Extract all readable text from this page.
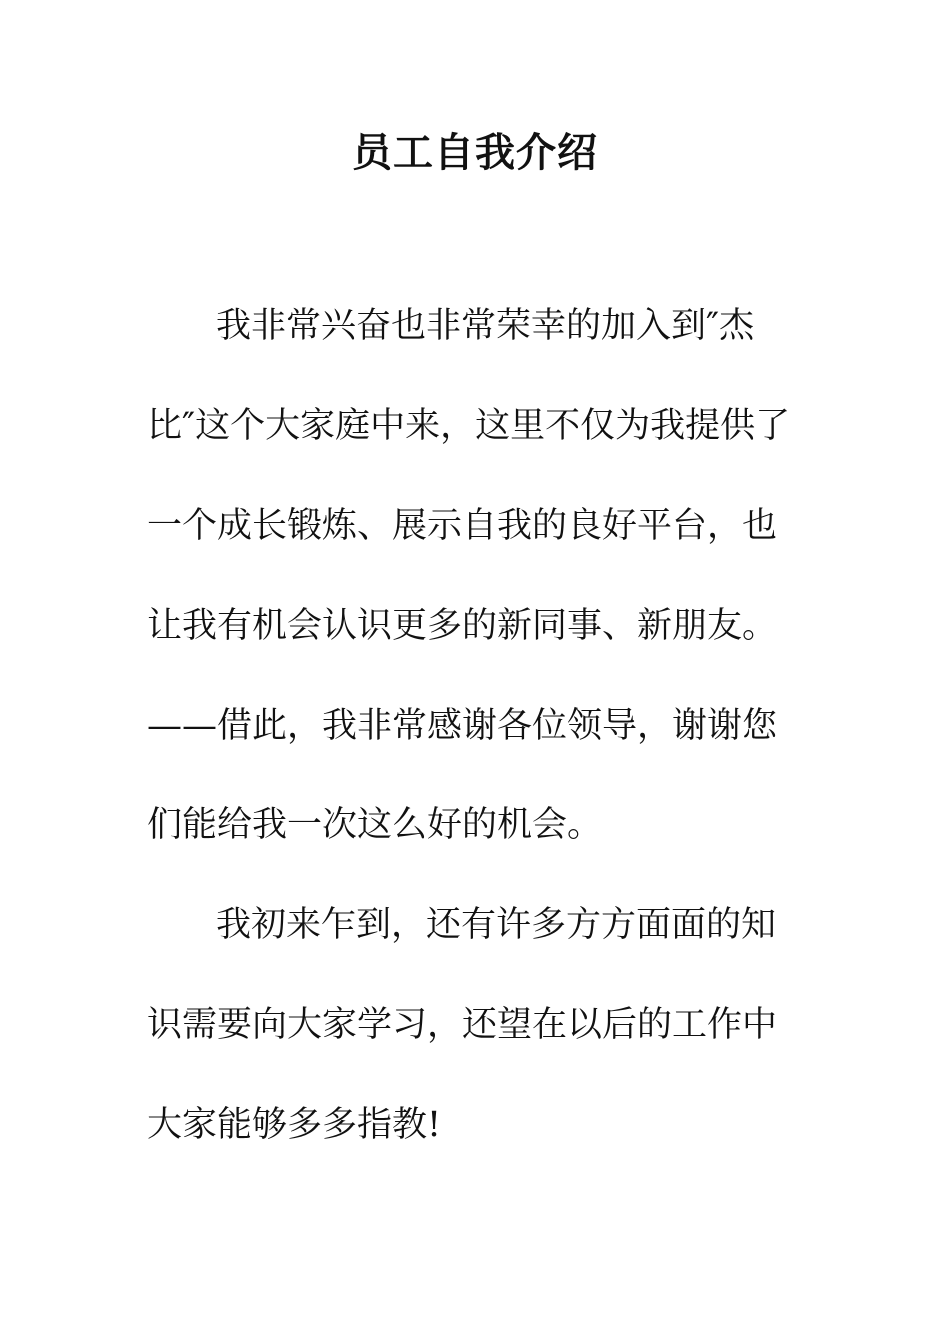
员工自我介绍
我非常兴奋也非常荣幸的加入到″杰
比″这个大家庭中来，这里不仅为我提供了
一个成长锻炼、展示自我的良好平台，也
让我有机会认识更多的新同事、新朋友。
——借此，我非常感谢各位领导，谢谢您
们能给我一次这么好的机会。
我初来乍到，还有许多方方面面的知
识需要向大家学习，还望在以后的工作中
大家能够多多指教!
